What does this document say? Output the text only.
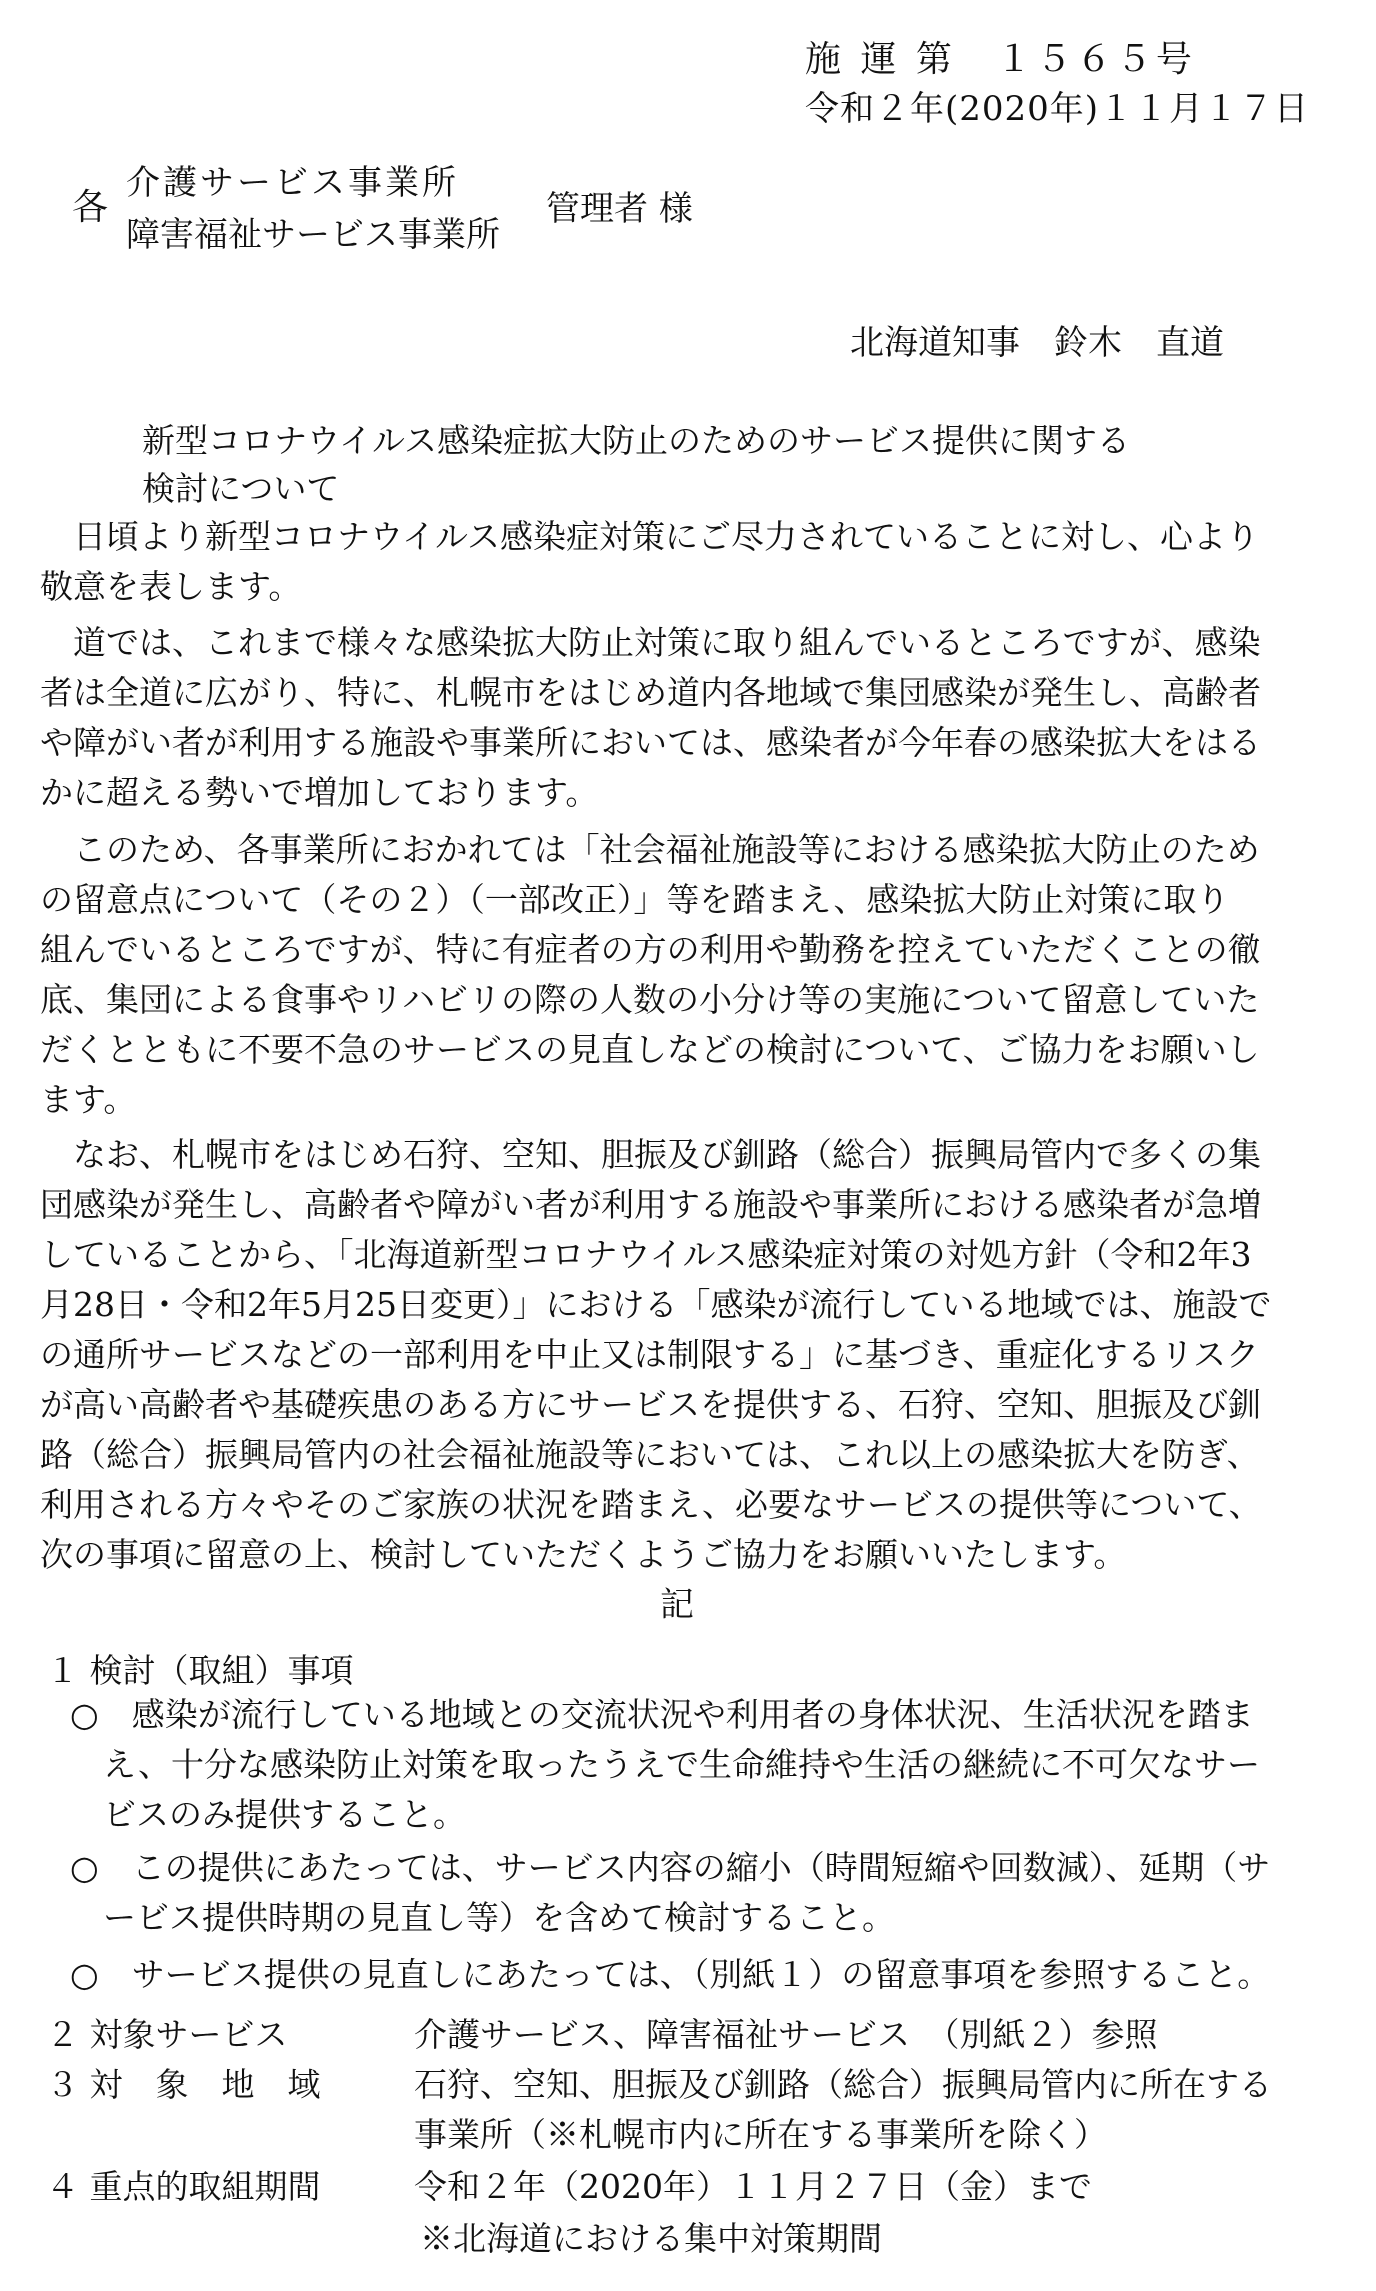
施 運 第　１５６５号
令和２年(2020年)１１月１７日
各
介護サービス事業所
障害福祉サービス事業所
管理者 様
北海道知事　鈴木　直道
新型コロナウイルス感染症拡大防止のためのサービス提供に関する
検討について
日頃より新型コロナウイルス感染症対策にご尽力されていることに対し、心より
敬意を表します。
道では、これまで様々な感染拡大防止対策に取り組んでいるところですが、感染
者は全道に広がり、特に、札幌市をはじめ道内各地域で集団感染が発生し、高齢者
や障がい者が利用する施設や事業所においては、感染者が今年春の感染拡大をはる
かに超える勢いで増加しております。
このため、各事業所におかれては「社会福祉施設等における感染拡大防止のため
の留意点について（その２）（一部改正）」等を踏まえ、感染拡大防止対策に取り
組んでいるところですが、特に有症者の方の利用や勤務を控えていただくことの徹
底、集団による食事やリハビリの際の人数の小分け等の実施について留意していた
だくとともに不要不急のサービスの見直しなどの検討について、ご協力をお願いし
ます。
なお、札幌市をはじめ石狩、空知、胆振及び釧路（総合）振興局管内で多くの集
団感染が発生し、高齢者や障がい者が利用する施設や事業所における感染者が急増
していることから、「北海道新型コロナウイルス感染症対策の対処方針（令和2年3
月28日・令和2年5月25日変更）」における「感染が流行している地域では、施設で
の通所サービスなどの一部利用を中止又は制限する」に基づき、重症化するリスク
が高い高齢者や基礎疾患のある方にサービスを提供する、石狩、空知、胆振及び釧
路（総合）振興局管内の社会福祉施設等においては、これ以上の感染拡大を防ぎ、
利用される方々やそのご家族の状況を踏まえ、必要なサービスの提供等について、
次の事項に留意の上、検討していただくようご協力をお願いいたします。
記
１ 検討（取組）事項
○　感染が流行している地域との交流状況や利用者の身体状況、生活状況を踏ま
　え、十分な感染防止対策を取ったうえで生命維持や生活の継続に不可欠なサー
　ビスのみ提供すること。
○　この提供にあたっては、サービス内容の縮小（時間短縮や回数減）、延期（サ
　ービス提供時期の見直し等）を含めて検討すること。
○　サービス提供の見直しにあたっては、（別紙１）の留意事項を参照すること。
２ 対象サービス	介護サービス、障害福祉サービス　（別紙２）参照
３ 対　象　地　域	石狩、空知、胆振及び釧路（総合）振興局管内に所在する
事業所（※札幌市内に所在する事業所を除く）
４ 重点的取組期間	令和２年（2020年）１１月２７日（金）まで
※北海道における集中対策期間
